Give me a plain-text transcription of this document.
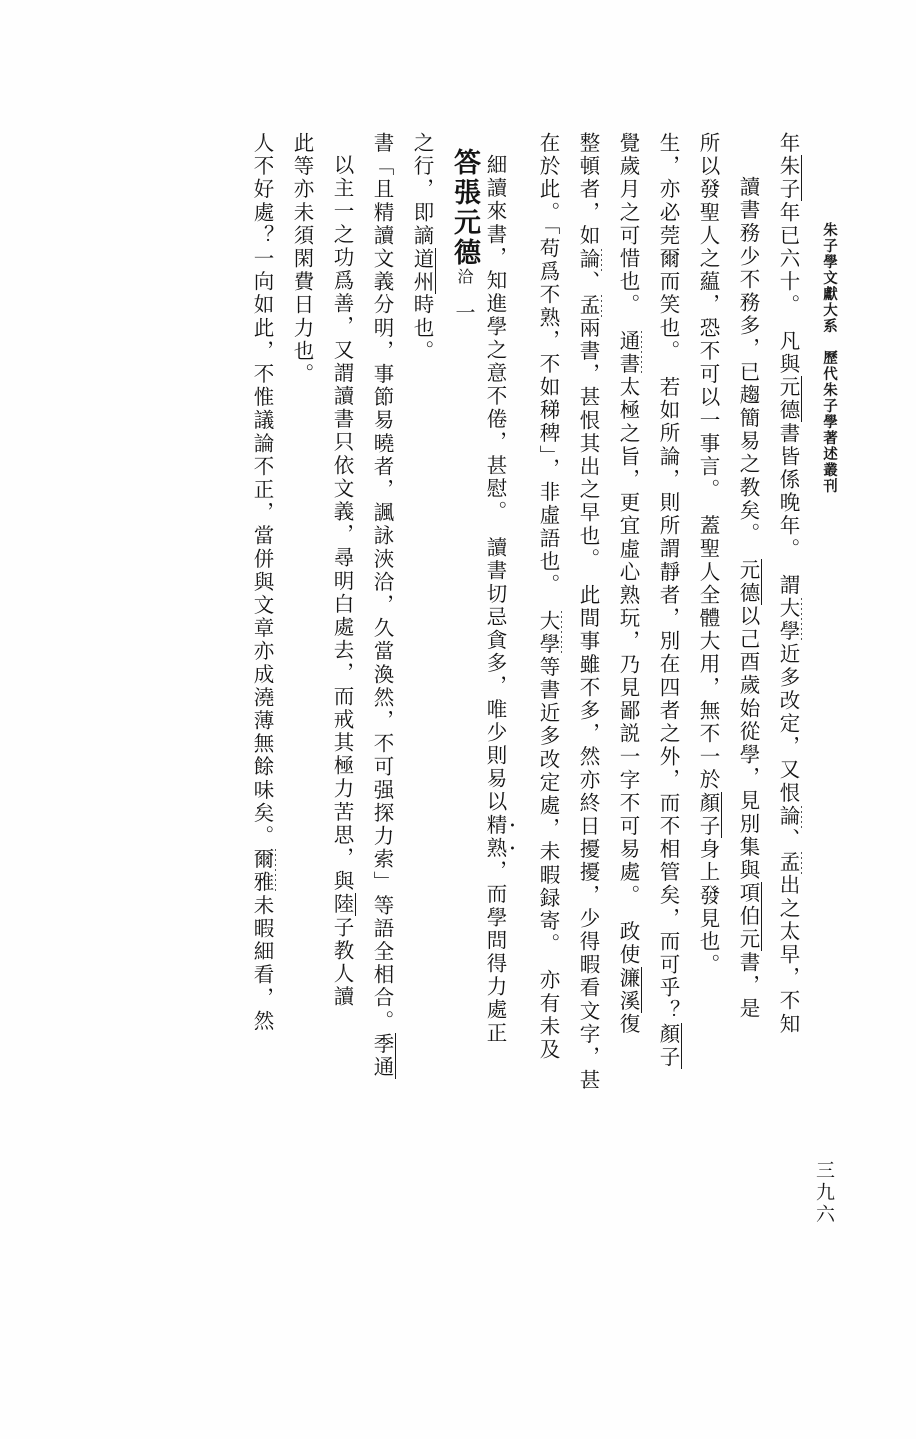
朱子學文獻大系　歷代朱子學著述叢刊
三九六
人不好處？一向如此，不惟議論不正，當併與文章亦成澆薄無餘味矣。爾雅未暇細看，然
此等亦未須閑費日力也。 以主一之功爲善，又謂讀書只依文義，尋明白處去，而戒其極力苦思，與陸子教人讀 書「且精讀文義分明，事節易曉者，諷詠浹洽，久當渙然，不可强探力索」等語全相合。季通
之行，即謫道州時也。
答張元德洽一 細讀來書，知進學之意不倦，甚慰。讀書切忌貪多，唯少則易以精熟，而學問得力處正
在於此。「苟爲不熟，不如稊稗」，非虛語也。大學等書近多改定處，未暇録寄。亦有未及
整頓者，如論、孟兩書，甚恨其出之早也。此間事雖不多，然亦終日擾擾，少得暇看文字，甚
覺歲月之可惜也。通書太極之旨，更宜虛心熟玩，乃見鄙説一字不可易處。政使濂溪復
生，亦必莞爾而笑也。若如所論，則所謂靜者，別在四者之外，而不相管矣，而可乎？顏子
所以發聖人之藴，恐不可以一事言。蓋聖人全體大用，無不一於顏子身上發見也。
讀書務少不務多，已趨簡易之教矣。元德以己酉歲始從學，見別集與項伯元書，是
年朱子年已六十。凡與元德書皆係晚年。謂大學近多改定，又恨論、孟出之太早，不知
